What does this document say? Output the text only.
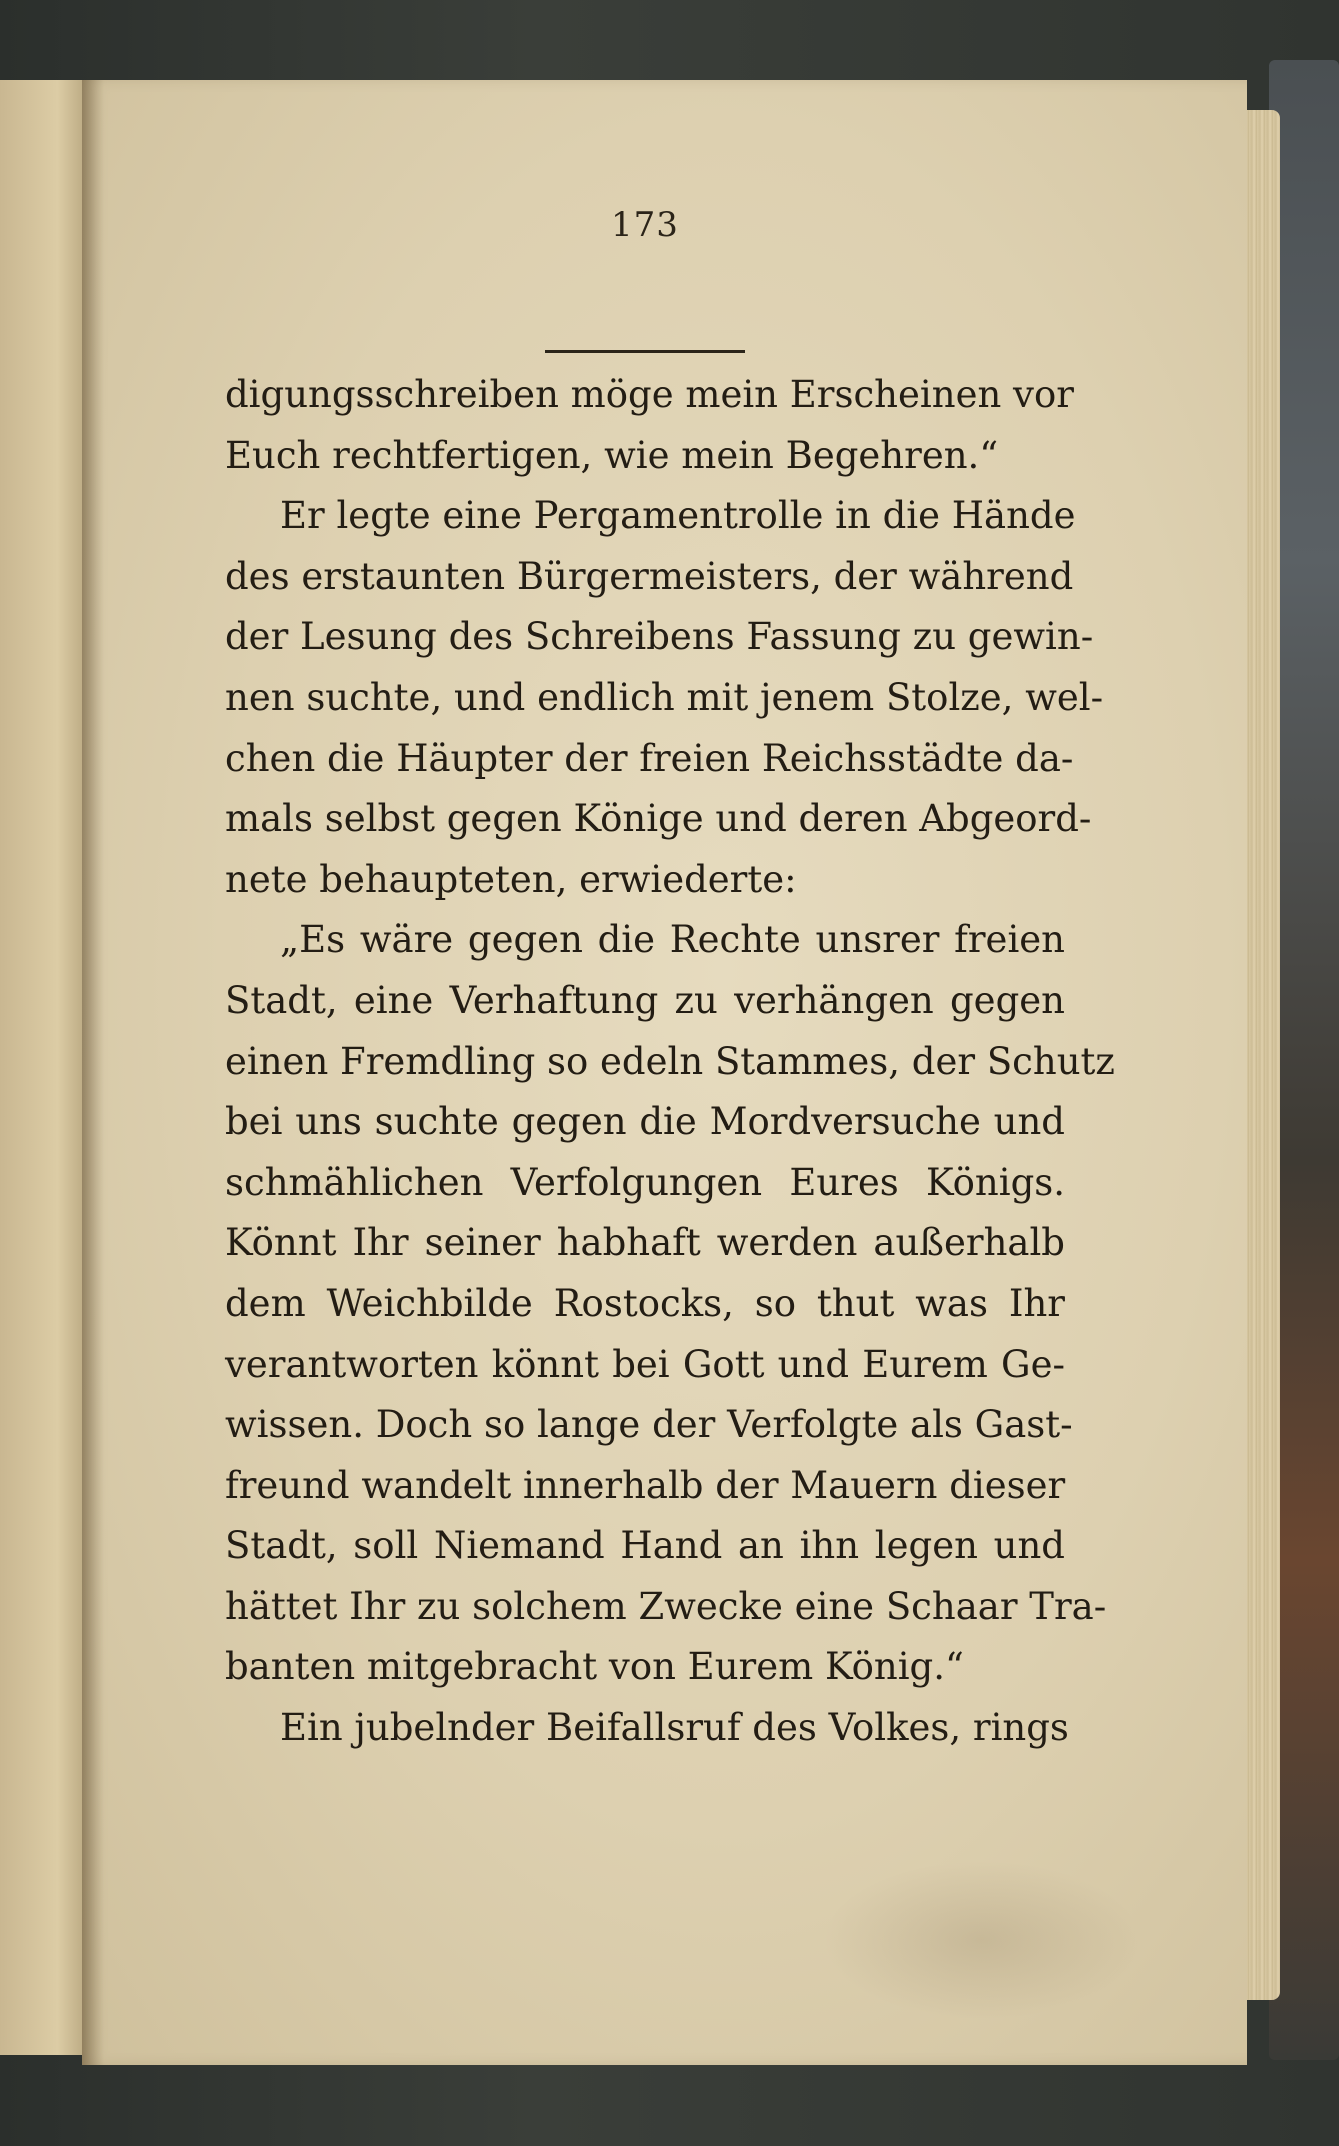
173
digungsschreiben möge mein Erscheinen vor
Euch rechtfertigen, wie mein Begehren.“
Er legte eine Pergamentrolle in die Hände
des erstaunten Bürgermeisters, der während
der Lesung des Schreibens Fassung zu gewin-
nen suchte, und endlich mit jenem Stolze, wel-
chen die Häupter der freien Reichsstädte da-
mals selbst gegen Könige und deren Abgeord-
nete behaupteten, erwiederte:
„Es wäre gegen die Rechte unsrer freien
Stadt, eine Verhaftung zu verhängen gegen
einen Fremdling so edeln Stammes, der Schutz
bei uns suchte gegen die Mordversuche und
schmählichen Verfolgungen Eures Königs.
Könnt Ihr seiner habhaft werden außerhalb
dem Weichbilde Rostocks, so thut was Ihr
verantworten könnt bei Gott und Eurem Ge-
wissen. Doch so lange der Verfolgte als Gast-
freund wandelt innerhalb der Mauern dieser
Stadt, soll Niemand Hand an ihn legen und
hättet Ihr zu solchem Zwecke eine Schaar Tra-
banten mitgebracht von Eurem König.“
Ein jubelnder Beifallsruf des Volkes, rings
